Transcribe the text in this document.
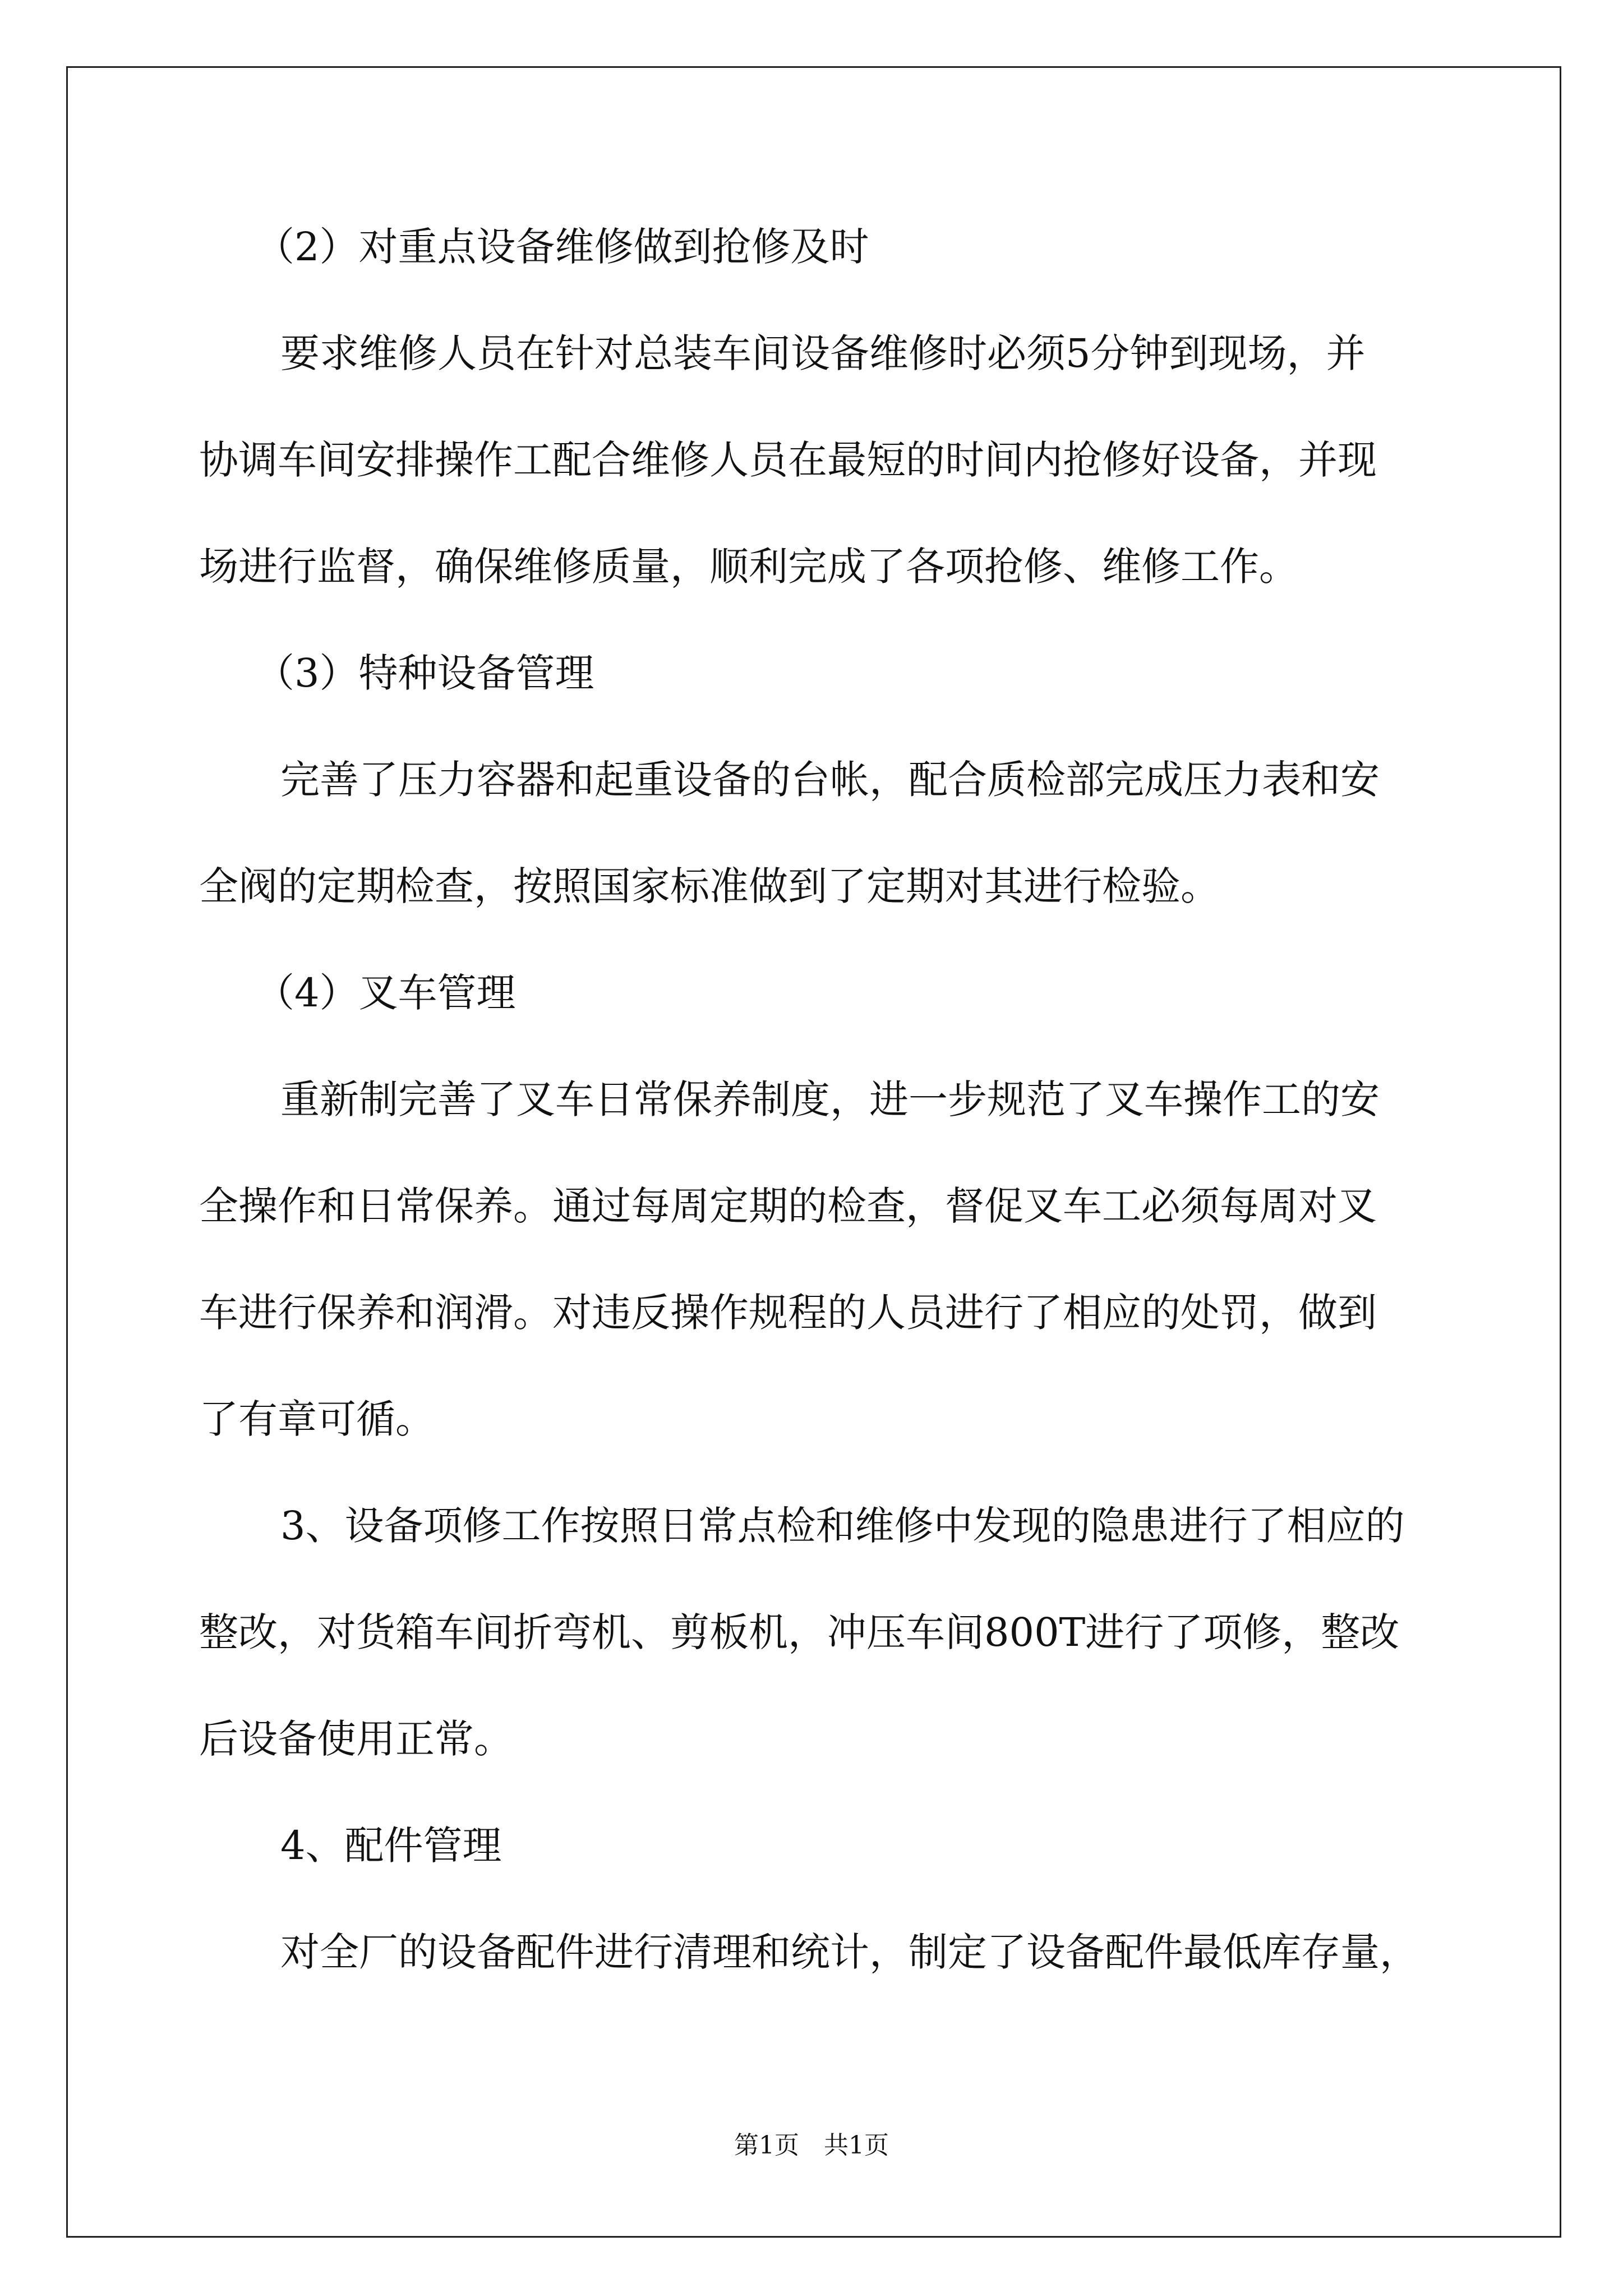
（2）对重点设备维修做到抢修及时
要求维修人员在针对总装车间设备维修时必须5分钟到现场，并
协调车间安排操作工配合维修人员在最短的时间内抢修好设备，并现
场进行监督，确保维修质量，顺利完成了各项抢修、维修工作。
（3）特种设备管理
完善了压力容器和起重设备的台帐，配合质检部完成压力表和安
全阀的定期检查，按照国家标准做到了定期对其进行检验。
（4）叉车管理
重新制完善了叉车日常保养制度，进一步规范了叉车操作工的安
全操作和日常保养。通过每周定期的检查，督促叉车工必须每周对叉
车进行保养和润滑。对违反操作规程的人员进行了相应的处罚，做到
了有章可循。
3、设备项修工作按照日常点检和维修中发现的隐患进行了相应的
整改，对货箱车间折弯机、剪板机，冲压车间800T进行了项修，整改
后设备使用正常。
4、配件管理
对全厂的设备配件进行清理和统计，制定了设备配件最低库存量，
第1页　共1页
